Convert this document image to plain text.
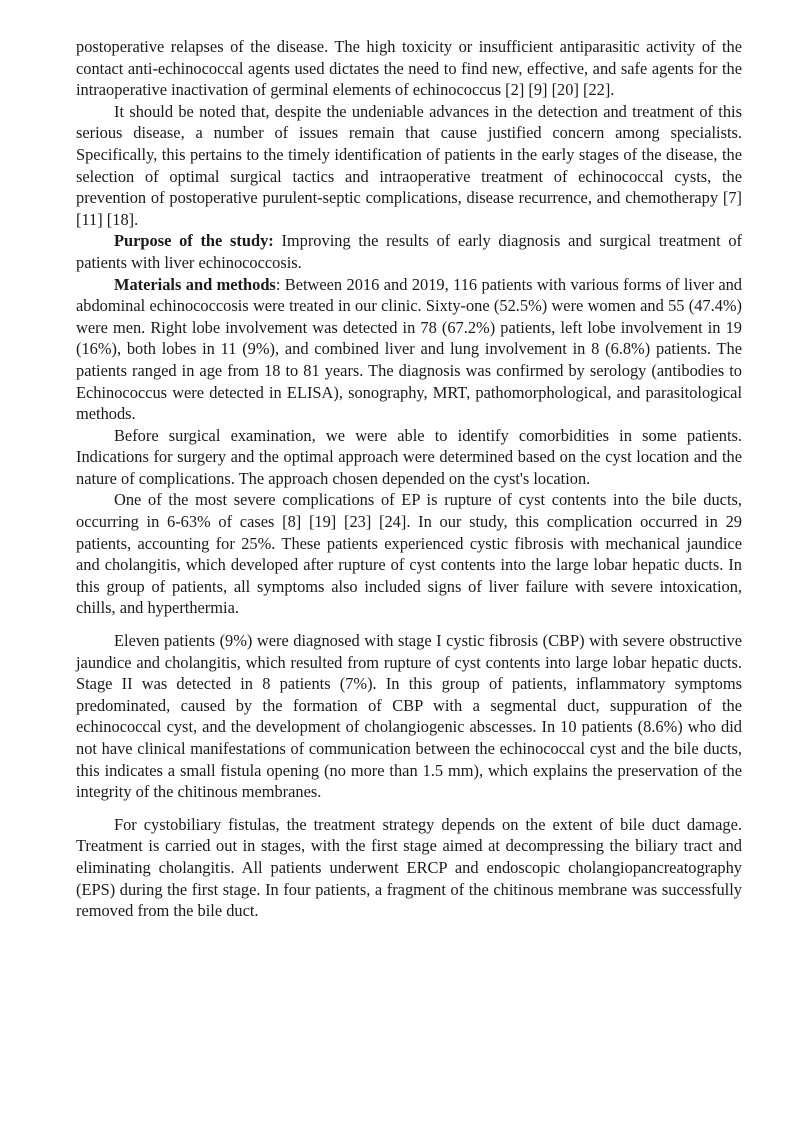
postoperative relapses of the disease. The high toxicity or insufficient antiparasitic activity of the contact anti-echinococcal agents used dictates the need to find new, effective, and safe agents for the intraoperative inactivation of germinal elements of echinococcus [2] [9] [20] [22].

It should be noted that, despite the undeniable advances in the detection and treatment of this serious disease, a number of issues remain that cause justified concern among specialists. Specifically, this pertains to the timely identification of patients in the early stages of the disease, the selection of optimal surgical tactics and intraoperative treatment of echinococcal cysts, the prevention of postoperative purulent-septic complications, disease recurrence, and chemotherapy [7] [11] [18].

Purpose of the study: Improving the results of early diagnosis and surgical treatment of patients with liver echinococcosis.

Materials and methods: Between 2016 and 2019, 116 patients with various forms of liver and abdominal echinococcosis were treated in our clinic. Sixty-one (52.5%) were women and 55 (47.4%) were men. Right lobe involvement was detected in 78 (67.2%) patients, left lobe involvement in 19 (16%), both lobes in 11 (9%), and combined liver and lung involvement in 8 (6.8%) patients. The patients ranged in age from 18 to 81 years. The diagnosis was confirmed by serology (antibodies to Echinococcus were detected in ELISA), sonography, MRT, pathomorphological, and parasitological methods.

Before surgical examination, we were able to identify comorbidities in some patients. Indications for surgery and the optimal approach were determined based on the cyst location and the nature of complications. The approach chosen depended on the cyst's location.

One of the most severe complications of EP is rupture of cyst contents into the bile ducts, occurring in 6-63% of cases [8] [19] [23] [24]. In our study, this complication occurred in 29 patients, accounting for 25%. These patients experienced cystic fibrosis with mechanical jaundice and cholangitis, which developed after rupture of cyst contents into the large lobar hepatic ducts. In this group of patients, all symptoms also included signs of liver failure with severe intoxication, chills, and hyperthermia.

Eleven patients (9%) were diagnosed with stage I cystic fibrosis (CBP) with severe obstructive jaundice and cholangitis, which resulted from rupture of cyst contents into large lobar hepatic ducts. Stage II was detected in 8 patients (7%). In this group of patients, inflammatory symptoms predominated, caused by the formation of CBP with a segmental duct, suppuration of the echinococcal cyst, and the development of cholangiogenic abscesses. In 10 patients (8.6%) who did not have clinical manifestations of communication between the echinococcal cyst and the bile ducts, this indicates a small fistula opening (no more than 1.5 mm), which explains the preservation of the integrity of the chitinous membranes.

For cystobiliary fistulas, the treatment strategy depends on the extent of bile duct damage. Treatment is carried out in stages, with the first stage aimed at decompressing the biliary tract and eliminating cholangitis. All patients underwent ERCP and endoscopic cholangiopancreatography (EPS) during the first stage. In four patients, a fragment of the chitinous membrane was successfully removed from the bile duct.
